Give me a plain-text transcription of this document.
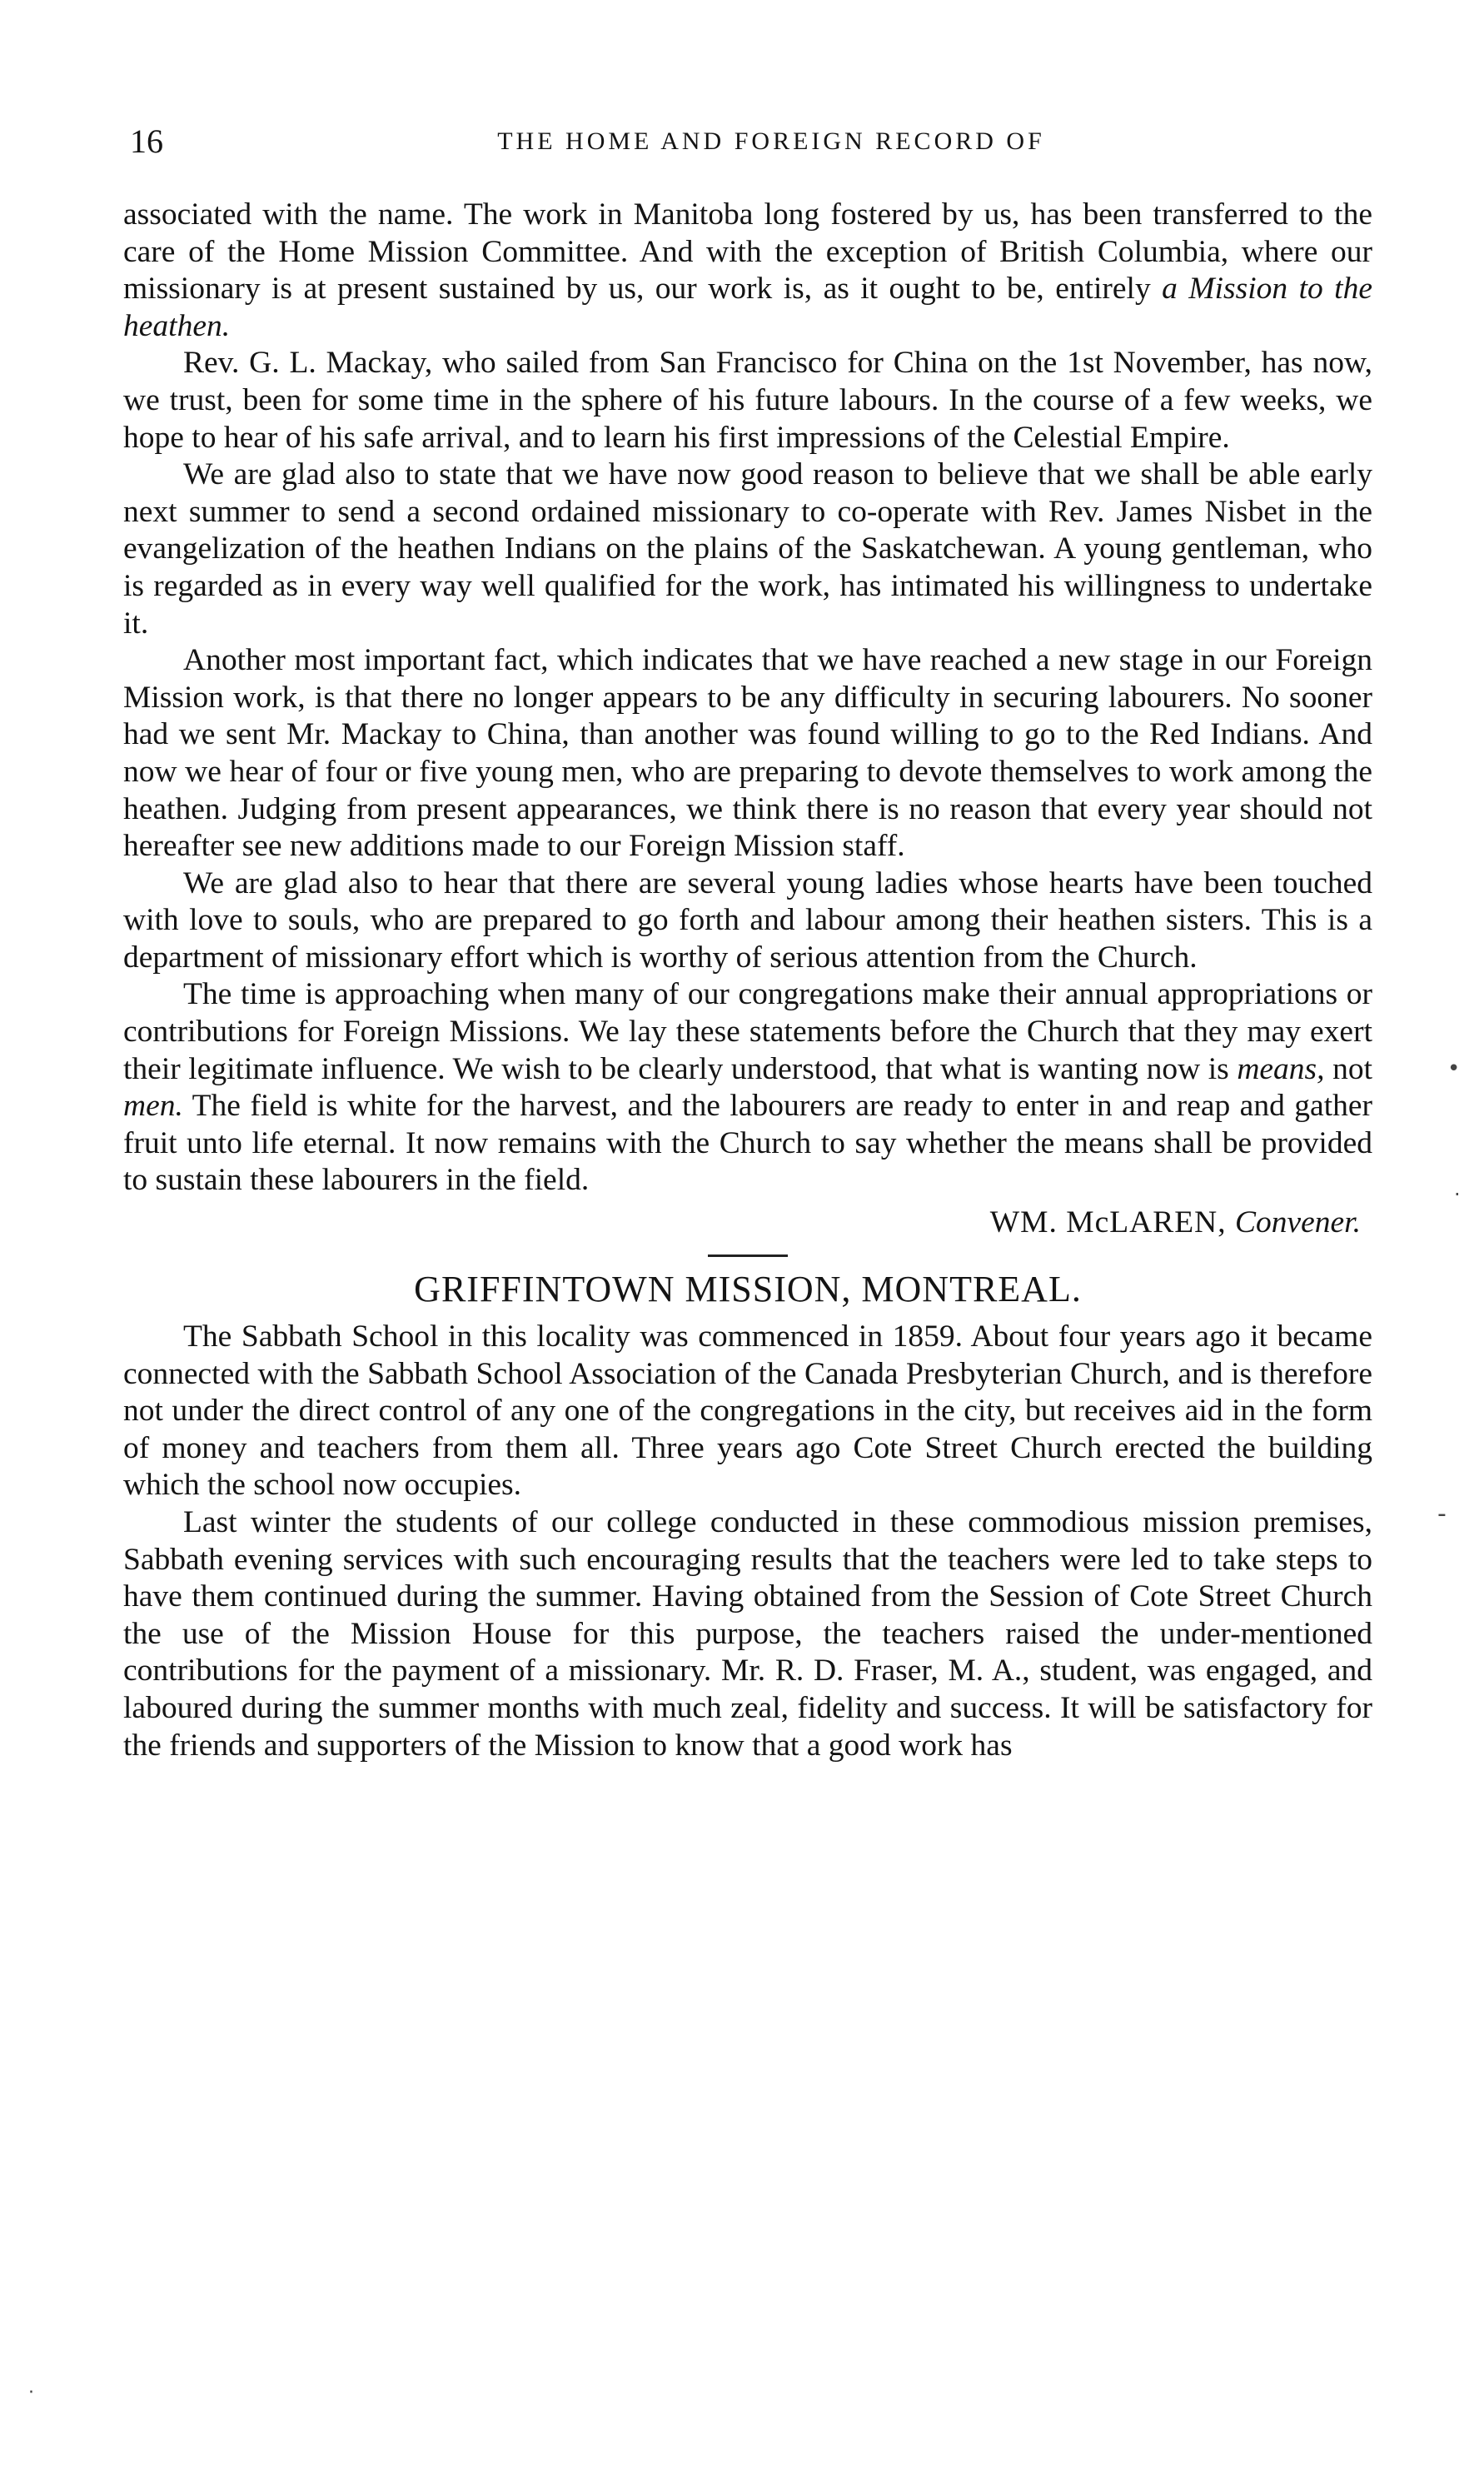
16	THE HOME AND FOREIGN RECORD OF

associated with the name. The work in Manitoba long fostered by us, has been transferred to the care of the Home Mission Committee. And with the exception of British Columbia, where our missionary is at present sustained by us, our work is, as it ought to be, entirely a Mission to the heathen.

Rev. G. L. Mackay, who sailed from San Francisco for China on the 1st November, has now, we trust, been for some time in the sphere of his future labours. In the course of a few weeks, we hope to hear of his safe arrival, and to learn his first impressions of the Celestial Empire.

We are glad also to state that we have now good reason to believe that we shall be able early next summer to send a second ordained missionary to co-operate with Rev. James Nisbet in the evangelization of the heathen Indians on the plains of the Saskatchewan. A young gentleman, who is regarded as in every way well qualified for the work, has intimated his willingness to undertake it.

Another most important fact, which indicates that we have reached a new stage in our Foreign Mission work, is that there no longer appears to be any difficulty in securing labourers. No sooner had we sent Mr. Mackay to China, than another was found willing to go to the Red Indians. And now we hear of four or five young men, who are preparing to devote themselves to work among the heathen. Judging from present appearances, we think there is no reason that every year should not hereafter see new additions made to our Foreign Mission staff.

We are glad also to hear that there are several young ladies whose hearts have been touched with love to souls, who are prepared to go forth and labour among their heathen sisters. This is a department of missionary effort which is worthy of serious attention from the Church.

The time is approaching when many of our congregations make their annual appropriations or contributions for Foreign Missions. We lay these statements before the Church that they may exert their legitimate influence. We wish to be clearly understood, that what is wanting now is means, not men. The field is white for the harvest, and the labourers are ready to enter in and reap and gather fruit unto life eternal. It now remains with the Church to say whether the means shall be provided to sustain these labourers in the field.

WM. McLAREN, Convener.
GRIFFINTOWN MISSION, MONTREAL.

The Sabbath School in this locality was commenced in 1859. About four years ago it became connected with the Sabbath School Association of the Canada Presbyterian Church, and is therefore not under the direct control of any one of the congregations in the city, but receives aid in the form of money and teachers from them all. Three years ago Cote Street Church erected the building which the school now occupies.

Last winter the students of our college conducted in these commodious mission premises, Sabbath evening services with such encouraging results that the teachers were led to take steps to have them continued during the summer. Having obtained from the Session of Cote Street Church the use of the Mission House for this purpose, the teachers raised the under-mentioned contributions for the payment of a missionary. Mr. R. D. Fraser, M. A., student, was engaged, and laboured during the summer months with much zeal, fidelity and success. It will be satisfactory for the friends and supporters of the Mission to know that a good work has

•
·
-
·
